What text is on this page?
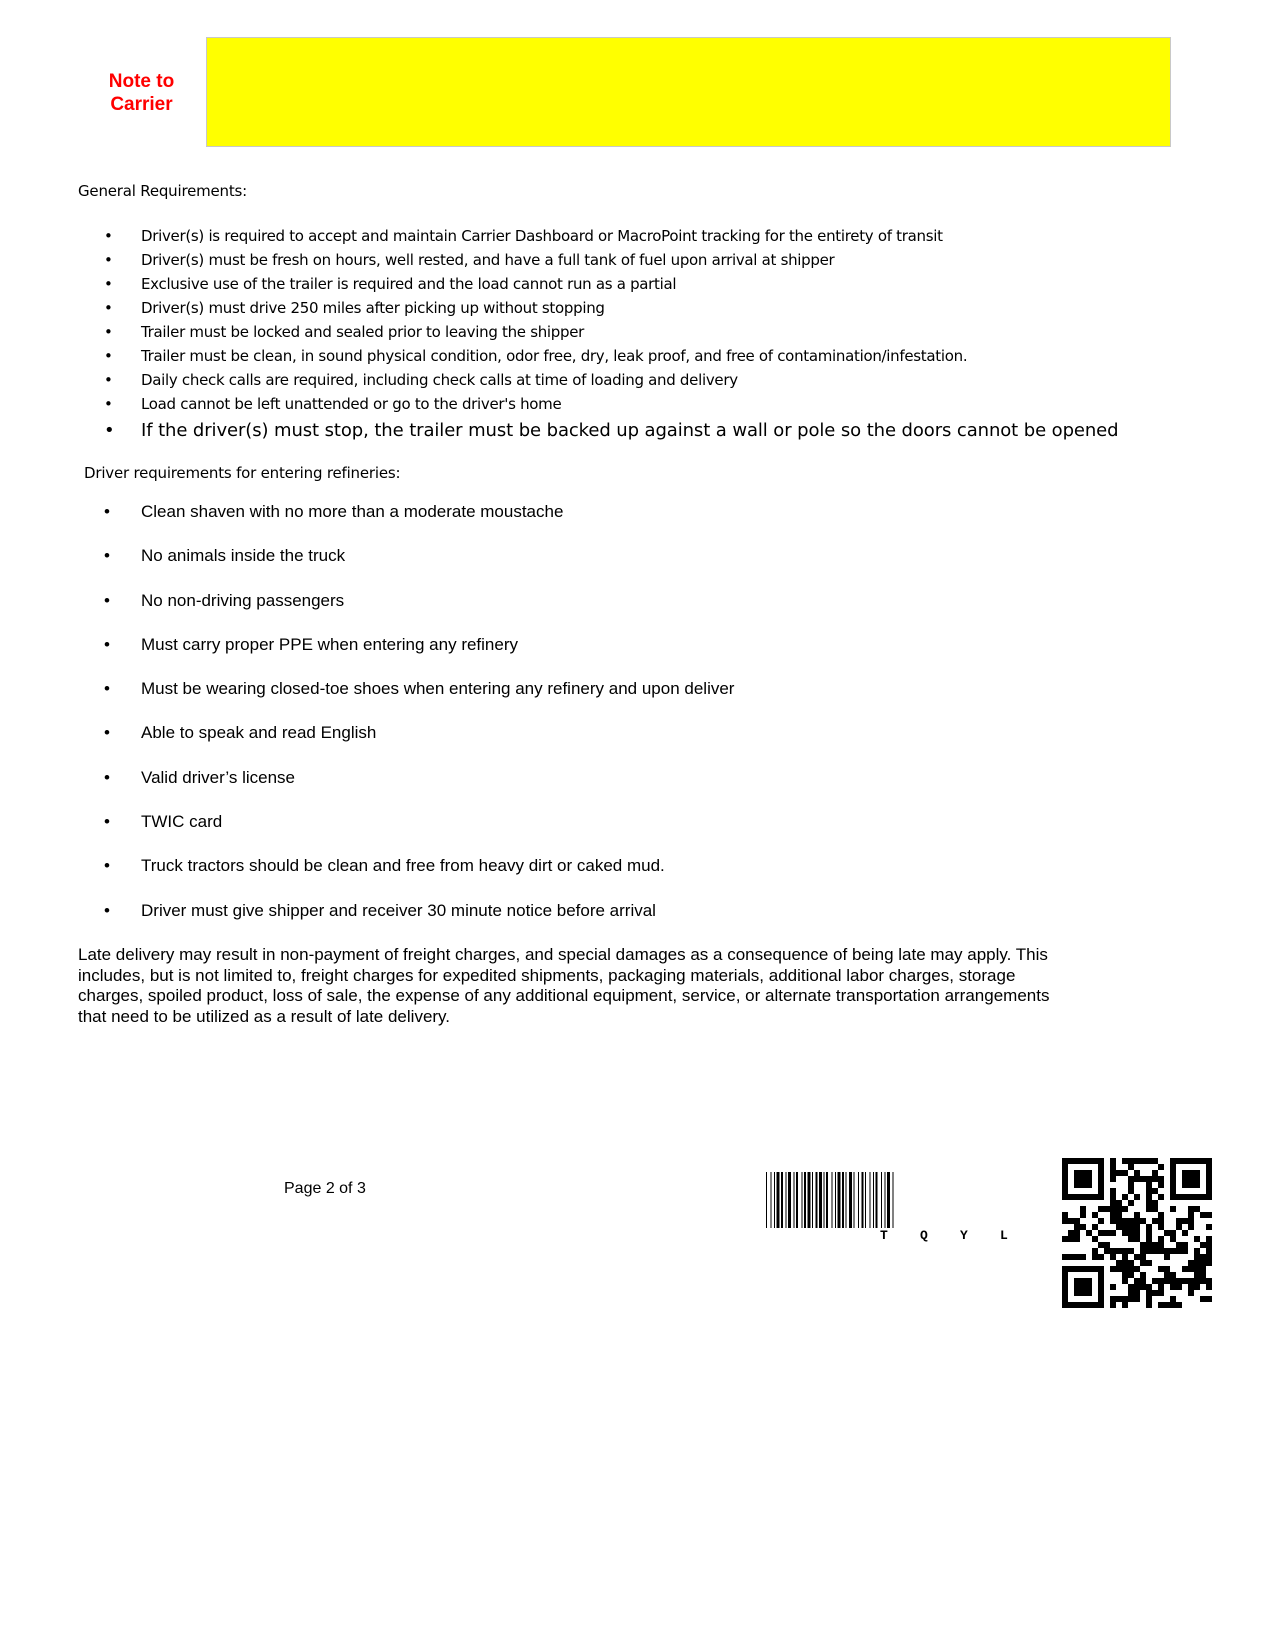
Note to
Carrier
General Requirements:
• Driver(s) is required to accept and maintain Carrier Dashboard or MacroPoint tracking for the entirety of transit
• Driver(s) must be fresh on hours, well rested, and have a full tank of fuel upon arrival at shipper
• Exclusive use of the trailer is required and the load cannot run as a partial
• Driver(s) must drive 250 miles after picking up without stopping
• Trailer must be locked and sealed prior to leaving the shipper
• Trailer must be clean, in sound physical condition, odor free, dry, leak proof, and free of contamination/infestation.
• Daily check calls are required, including check calls at time of loading and delivery
• Load cannot be left unattended or go to the driver's home
• If the driver(s) must stop, the trailer must be backed up against a wall or pole so the doors cannot be opened
Driver requirements for entering refineries:
• Clean shaven with no more than a moderate moustache
• No animals inside the truck
• No non-driving passengers
• Must carry proper PPE when entering any refinery
• Must be wearing closed-toe shoes when entering any refinery and upon deliver
• Able to speak and read English
• Valid driver’s license
• TWIC card
• Truck tractors should be clean and free from heavy dirt or caked mud.
• Driver must give shipper and receiver 30 minute notice before arrival

Late delivery may result in non-payment of freight charges, and special damages as a consequence of being late may apply. This includes, but is not limited to, freight charges for expedited shipments, packaging materials, additional labor charges, storage charges, spoiled product, loss of sale, the expense of any additional equipment, service, or alternate transportation arrangements that need to be utilized as a result of late delivery.

Page 2 of 3
T Q Y L
